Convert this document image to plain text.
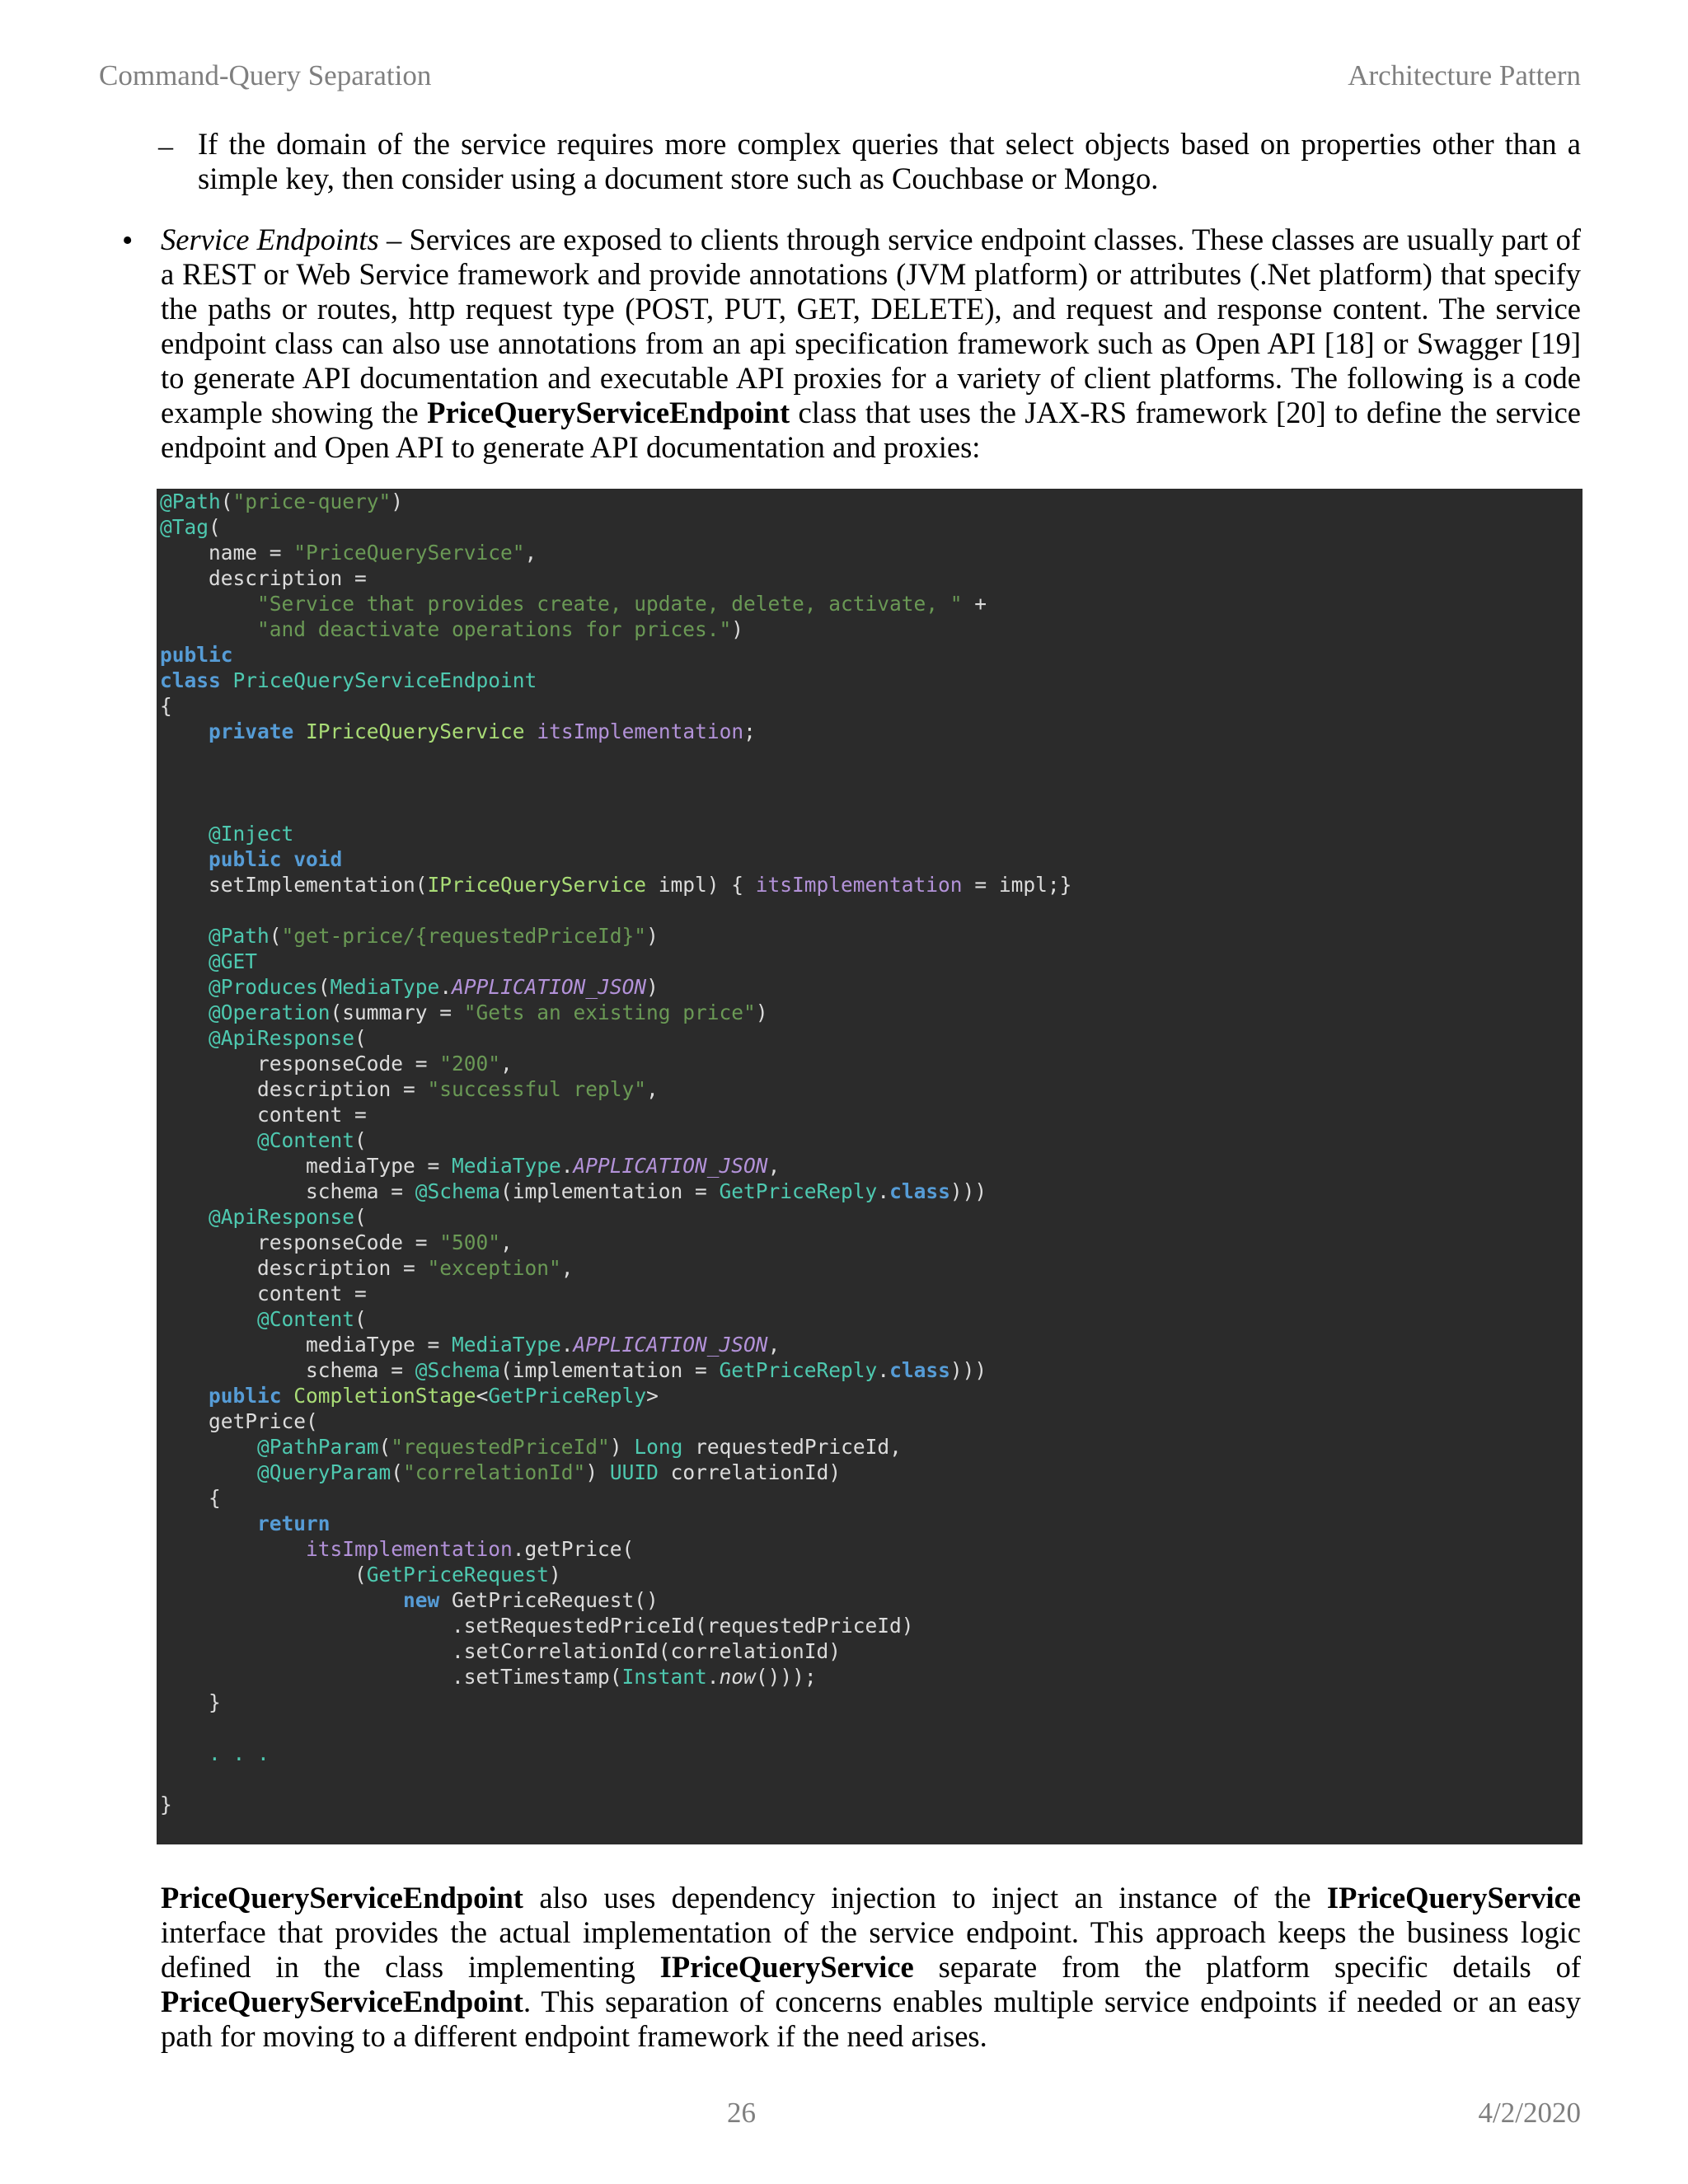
Command-Query Separation	Architecture Pattern
– If the domain of the service requires more complex queries that select objects based on properties other than a simple key, then consider using a document store such as Couchbase or Mongo.

• Service Endpoints – Services are exposed to clients through service endpoint classes. These classes are usually part of a REST or Web Service framework and provide annotations (JVM platform) or attributes (.Net platform) that specify the paths or routes, http request type (POST, PUT, GET, DELETE), and request and response content. The service endpoint class can also use annotations from an api specification framework such as Open API [18] or Swagger [19] to generate API documentation and executable API proxies for a variety of client platforms. The following is a code example showing the PriceQueryServiceEndpoint class that uses the JAX-RS framework [20] to define the service endpoint and Open API to generate API documentation and proxies:

@Path("price-query")
@Tag(
name = "PriceQueryService",
description =
"Service that provides create, update, delete, activate, " +
"and deactivate operations for prices.")
public
class PriceQueryServiceEndpoint
{
private IPriceQueryService itsImplementation;
@Inject
public void
setImplementation(IPriceQueryService impl) { itsImplementation = impl;}
@Path("get-price/{requestedPriceId}")
@GET
@Produces(MediaType.APPLICATION_JSON)
@Operation(summary = "Gets an existing price")
@ApiResponse(
responseCode = "200",
description = "successful reply",
content =
@Content(
mediaType = MediaType.APPLICATION_JSON,
schema = @Schema(implementation = GetPriceReply.class)))
@ApiResponse(
responseCode = "500",
description = "exception",
content =
@Content(
mediaType = MediaType.APPLICATION_JSON,
schema = @Schema(implementation = GetPriceReply.class)))
public CompletionStage<GetPriceReply>
getPrice(
@PathParam("requestedPriceId") Long requestedPriceId,
@QueryParam("correlationId") UUID correlationId)
{
return
itsImplementation.getPrice(
(GetPriceRequest)
new GetPriceRequest()
.setRequestedPriceId(requestedPriceId)
.setCorrelationId(correlationId)
.setTimestamp(Instant.now()));
}
. . .
}

PriceQueryServiceEndpoint also uses dependency injection to inject an instance of the IPriceQueryService interface that provides the actual implementation of the service endpoint. This approach keeps the business logic defined in the class implementing IPriceQueryService separate from the platform specific details of PriceQueryServiceEndpoint. This separation of concerns enables multiple service endpoints if needed or an easy path for moving to a different endpoint framework if the need arises.

26	4/2/2020
